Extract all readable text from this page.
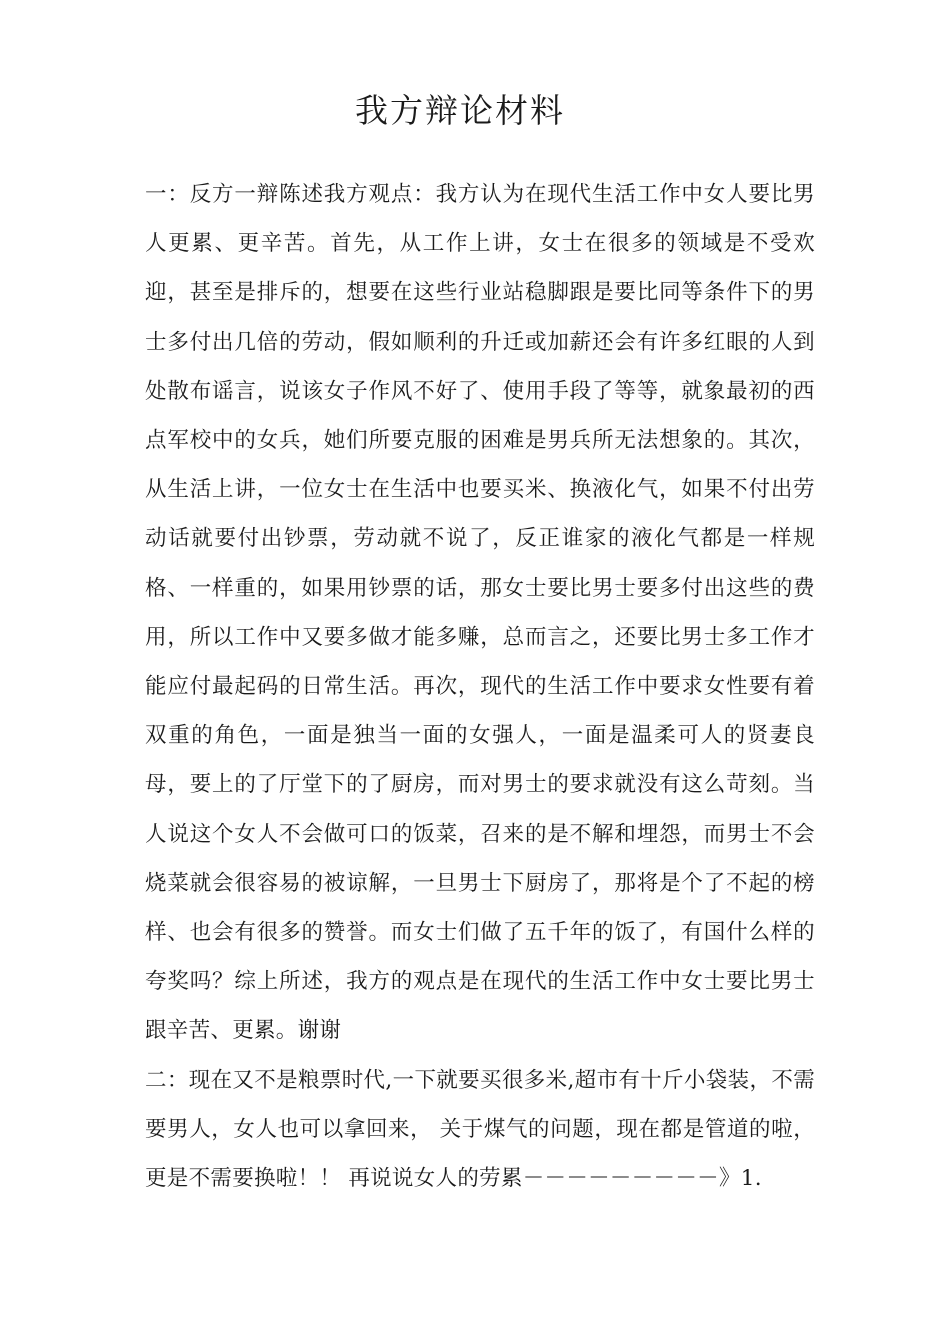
我方辩论材料

一：反方一辩陈述我方观点：我方认为在现代生活工作中女人要比男人更累、更辛苦。首先，从工作上讲，女士在很多的领域是不受欢迎，甚至是排斥的，想要在这些行业站稳脚跟是要比同等条件下的男士多付出几倍的劳动，假如顺利的升迁或加薪还会有许多红眼的人到处散布谣言，说该女子作风不好了、使用手段了等等，就象最初的西点军校中的女兵，她们所要克服的困难是男兵所无法想象的。其次，从生活上讲，一位女士在生活中也要买米、换液化气，如果不付出劳动话就要付出钞票，劳动就不说了，反正谁家的液化气都是一样规格、一样重的，如果用钞票的话，那女士要比男士要多付出这些的费用，所以工作中又要多做才能多赚，总而言之，还要比男士多工作才能应付最起码的日常生活。再次，现代的生活工作中要求女性要有着双重的角色，一面是独当一面的女强人，一面是温柔可人的贤妻良母，要上的了厅堂下的了厨房，而对男士的要求就没有这么苛刻。当人说这个女人不会做可口的饭菜，召来的是不解和埋怨，而男士不会烧菜就会很容易的被谅解，一旦男士下厨房了，那将是个了不起的榜样、也会有很多的赞誉。而女士们做了五千年的饭了，有国什么样的夸奖吗？综上所述，我方的观点是在现代的生活工作中女士要比男士跟辛苦、更累。谢谢

二：现在又不是粮票时代,一下就要买很多米,超市有十斤小袋装，不需要男人，女人也可以拿回来， 关于煤气的问题，现在都是管道的啦，更是不需要换啦！！ 再说说女人的劳累－－－－－－－－－》1.
